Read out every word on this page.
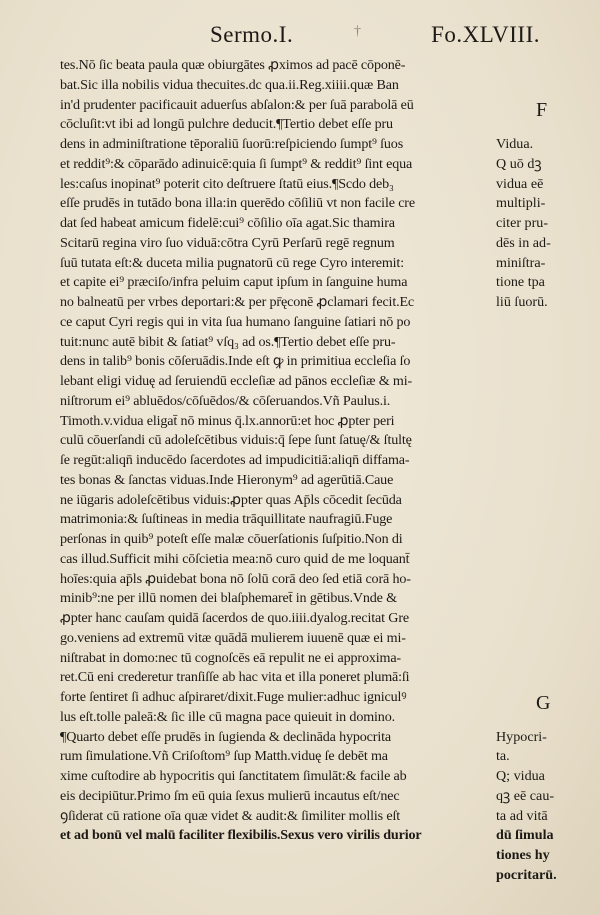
Sermo.I.	†	Fo.XLVIII.
tes.Nō ſic beata paula quæ obiurgātes ꝓximos ad pacē cōponē-
bat.Sic illa nobilis vidua thecuites.dc qua.ii.Reg.xiiii.quæ Ban
in'd prudenter pacificauit aduerſus abſalon:& per ſuā parabolā eū
cōcluſit:vt ibi ad longū pulchre deducit.¶Tertio debet eſſe pru
dens in adminiſtratione tēporaliū ſuorū:reſpiciendo ſumpt⁹ ſuos
et reddit⁹:& cōparādo adinuicē:quia ſi ſumpt⁹ & reddit⁹ ſint equa
les:caſus inopinat⁹ poterit cito deſtruere ſtatū eius.¶Scdo deb₃
eſſe prudēs in tutādo bona illa:in querēdo cōſiliū vt non facile cre
dat ſed habeat amicum fidelē:cui⁹ cōſilio oīa agat.Sic thamira
Scitarū regina viro ſuo viduā:cōtra Cyrū Perſarū regē regnum
ſuū tutata eſt:& duceta milia pugnatorū cū rege Cyro interemit:
et capite ei⁹ præciſo/infra peluim caput ipſum in ſanguine huma
no balneatū per vrbes deportari:& per pr̄ęconē ꝓclamari fecit.Ec
ce caput Cyri regis qui in vita ſua humano ſanguine ſatiari nō po
tuit:nunc autē bibit & ſatiat⁹ vſq₃ ad os.¶Tertio debet eſſe pru-
dens in talib⁹ bonis cōſeruādis.Inde eſt ꝙ in primitiua eccleſia ſo
lebant eligi viduę ad ſeruiendū eccleſiæ ad pānos eccleſiæ & mi-
niſtrorum ei⁹ abluēdos/cōſuēdos/& cōſeruandos.Vñ Paulus.i.
Timoth.v.vidua eligat̄ nō minus q̄.lx.annorū:et hoc ꝓpter peri
culū cōuerſandi cū adoleſcētibus viduis:q̄ ſepe ſunt ſatuę/& ſtultę
ſe regūt:aliqn̄ inducēdo ſacerdotes ad impudicitiā:aliqn̄ diffama-
tes bonas & ſanctas viduas.Inde Hieronym⁹ ad agerūtiā.Caue
ne iūgaris adoleſcētibus viduis:ꝓpter quas Ap̄ls cōcedit ſecūda
matrimonia:& ſuſtineas in media trāquillitate naufragiū.Fuge
perſonas in quib⁹ poteſt eſſe malæ cōuerſationis ſuſpitio.Non di
cas illud.Sufficit mihi cōſcietia mea:nō curo quid de me loquant̄
hoīes:quia ap̄ls ꝓuidebat bona nō ſolū corā deo ſed etiā corā ho-
minib⁹:ne per illū nomen dei blaſphemaret̄ in gētibus.Vnde &
ꝓpter hanc cauſam quidā ſacerdos de quo.iiii.dyalog.recitat Gre
go.veniens ad extremū vitæ quādā mulierem iuuenē quæ ei mi-
niſtrabat in domo:nec tū cognoſcēs eā repulit ne ei approxima-
ret.Cū eni crederetur tranſiſſe ab hac vita et illa poneret plumā:ſi
forte ſentiret ſi adhuc aſpiraret/dixit.Fuge mulier:adhuc igniculꝰ
lus eſt.tolle paleā:& ſic ille cū magna pace quieuit in domino.
¶Quarto debet eſſe prudēs in ſugienda & declināda hypocrita
rum ſimulatione.Vñ Criſoſtom⁹ ſup Matth.viduę ſe debēt ma
xime cuſtodire ab hypocritis qui ſanctitatem ſimulāt:& facile ab
eis decipiūtur.Primo ſm eū quia ſexus mulierū incautus eſt/nec
ꝯſiderat cū ratione oīa quæ videt & audit:& ſimiliter mollis eſt
et ad bonū vel malū faciliter flexibilis.Sexus vero virilis durior
F
Vidua.
Q uō dꝫ
vidua eē
multipli-
citer pru-
dēs in ad-
miniſtra-
tione tpa
liū ſuorū.
G
Hypocri-
ta.
Q; vidua
qꝫ eē cau-
ta ad vitā
dū ſimula
tiones hy
pocritarū.
